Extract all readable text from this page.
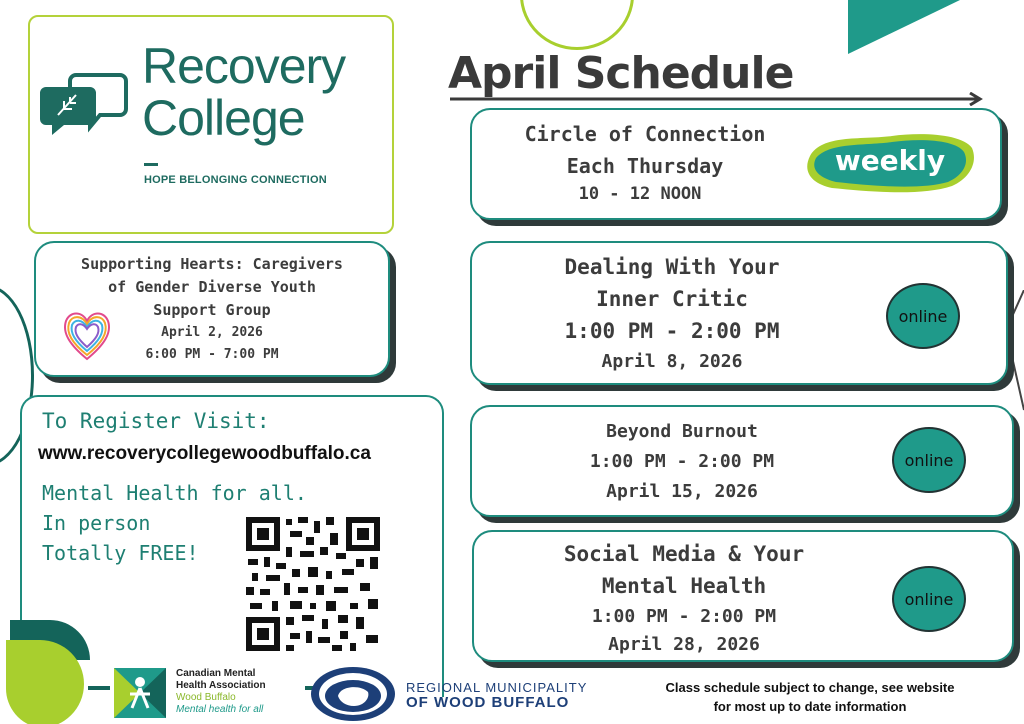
Recovery
College
HOPE BELONGING CONNECTION
April Schedule
Circle of Connection
Each Thursday
10 - 12 NOON
weekly
Supporting Hearts: Caregivers
of Gender Diverse Youth
Support Group
April 2, 2026
6:00 PM - 7:00 PM
Dealing With Your
Inner Critic
1:00 PM - 2:00 PM
April 8, 2026
online
Beyond Burnout
1:00 PM - 2:00 PM
April 15, 2026
online
Social Media & Your
Mental Health
1:00 PM - 2:00 PM
April 28, 2026
online
To Register Visit:
www.recoverycollegewoodbuffalo.ca
Mental Health for all.
In person
Totally FREE!
Canadian Mental
Health Association
Wood Buffalo
Mental health for all
REGIONAL MUNICIPALITY
OF WOOD BUFFALO
Class schedule subject to change, see website
for most up to date information
